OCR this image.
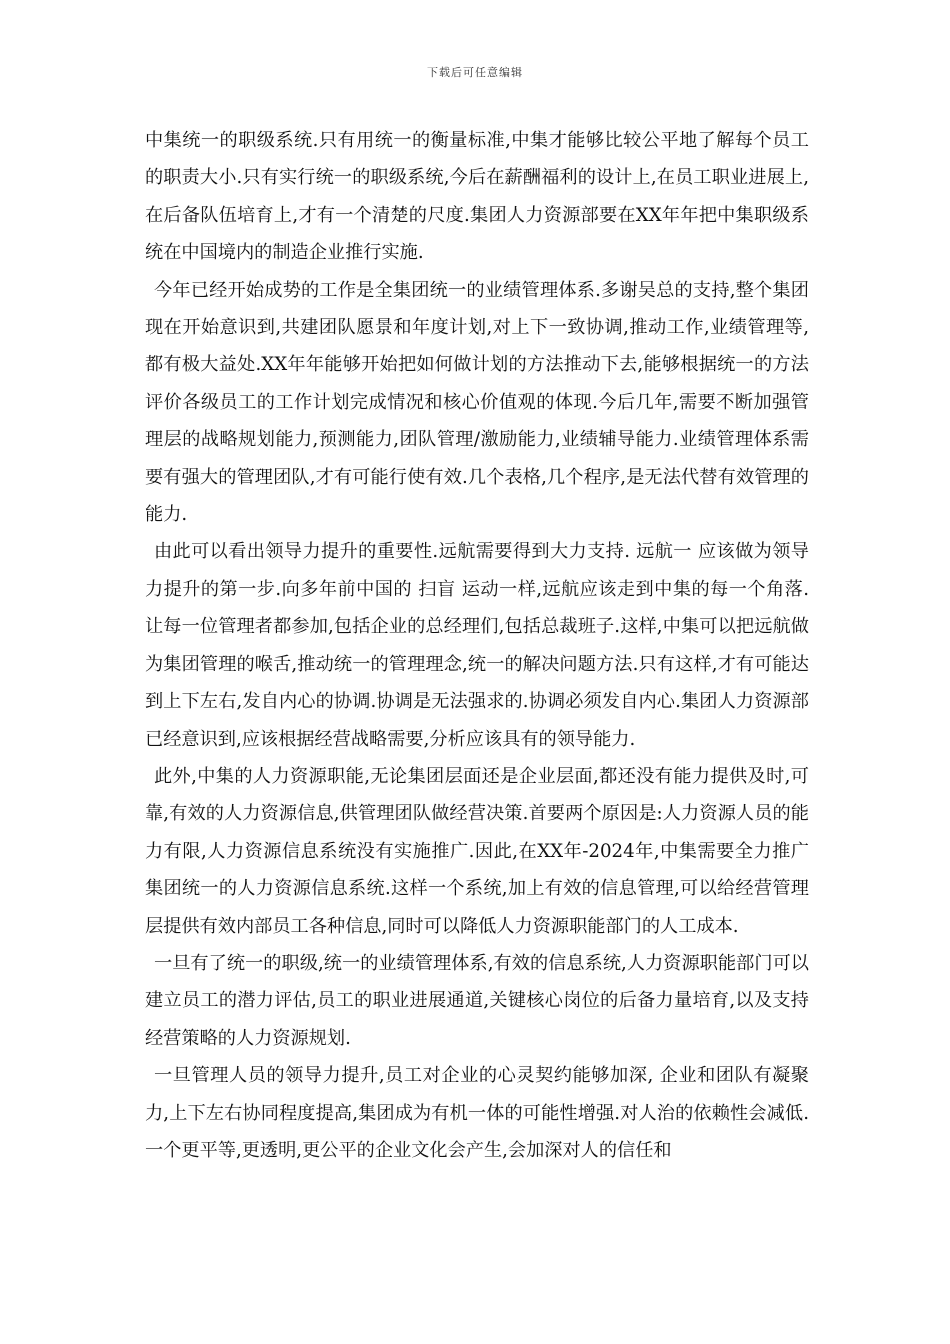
下载后可任意编辑

中集统一的职级系统.只有用统一的衡量标准,中集才能够比较公平地了解每个员工的职责大小.只有实行统一的职级系统,今后在薪酬福利的设计上,在员工职业进展上,在后备队伍培育上,才有一个清楚的尺度.集团人力资源部要在XX年年把中集职级系统在中国境内的制造企业推行实施.

今年已经开始成势的工作是全集团统一的业绩管理体系.多谢吴总的支持,整个集团现在开始意识到,共建团队愿景和年度计划,对上下一致协调,推动工作,业绩管理等,都有极大益处.XX年年能够开始把如何做计划的方法推动下去,能够根据统一的方法评价各级员工的工作计划完成情况和核心价值观的体现.今后几年,需要不断加强管理层的战略规划能力,预测能力,团队管理/激励能力,业绩辅导能力.业绩管理体系需要有强大的管理团队,才有可能行使有效.几个表格,几个程序,是无法代替有效管理的能力.

由此可以看出领导力提升的重要性.远航需要得到大力支持. 远航一 应该做为领导力提升的第一步.向多年前中国的 扫盲 运动一样,远航应该走到中集的每一个角落.让每一位管理者都参加,包括企业的总经理们,包括总裁班子.这样,中集可以把远航做为集团管理的喉舌,推动统一的管理理念,统一的解决问题方法.只有这样,才有可能达到上下左右,发自内心的协调.协调是无法强求的.协调必须发自内心.集团人力资源部已经意识到,应该根据经营战略需要,分析应该具有的领导能力.

此外,中集的人力资源职能,无论集团层面还是企业层面,都还没有能力提供及时,可靠,有效的人力资源信息,供管理团队做经营决策.首要两个原因是:人力资源人员的能力有限,人力资源信息系统没有实施推广.因此,在XX年-2024年,中集需要全力推广集团统一的人力资源信息系统.这样一个系统,加上有效的信息管理,可以给经营管理层提供有效内部员工各种信息,同时可以降低人力资源职能部门的人工成本.

一旦有了统一的职级,统一的业绩管理体系,有效的信息系统,人力资源职能部门可以建立员工的潜力评估,员工的职业进展通道,关键核心岗位的后备力量培育,以及支持经营策略的人力资源规划.

一旦管理人员的领导力提升,员工对企业的心灵契约能够加深, 企业和团队有凝聚力,上下左右协同程度提高,集团成为有机一体的可能性增强.对人治的依赖性会减低.一个更平等,更透明,更公平的企业文化会产生,会加深对人的信任和
